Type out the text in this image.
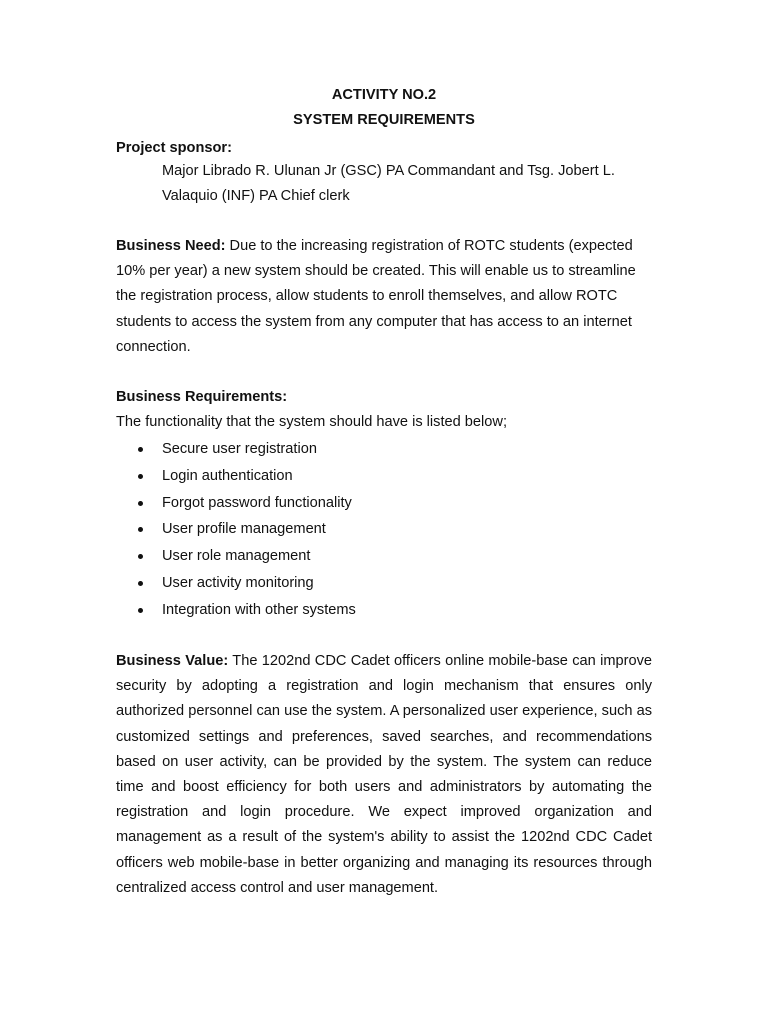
ACTIVITY NO.2
SYSTEM REQUIREMENTS
Project sponsor:
Major Librado R. Ulunan Jr (GSC) PA Commandant and Tsg. Jobert L. Valaquio (INF) PA Chief clerk
Business Need: Due to the increasing registration of ROTC students (expected 10% per year) a new system should be created. This will enable us to streamline the registration process, allow students to enroll themselves, and allow ROTC students to access the system from any computer that has access to an internet connection.
Business Requirements:
The functionality that the system should have is listed below;
Secure user registration
Login authentication
Forgot password functionality
User profile management
User role management
User activity monitoring
Integration with other systems
Business Value: The 1202nd CDC Cadet officers online mobile-base can improve security by adopting a registration and login mechanism that ensures only authorized personnel can use the system. A personalized user experience, such as customized settings and preferences, saved searches, and recommendations based on user activity, can be provided by the system. The system can reduce time and boost efficiency for both users and administrators by automating the registration and login procedure. We expect improved organization and management as a result of the system's ability to assist the 1202nd CDC Cadet officers web mobile-base in better organizing and managing its resources through centralized access control and user management.
